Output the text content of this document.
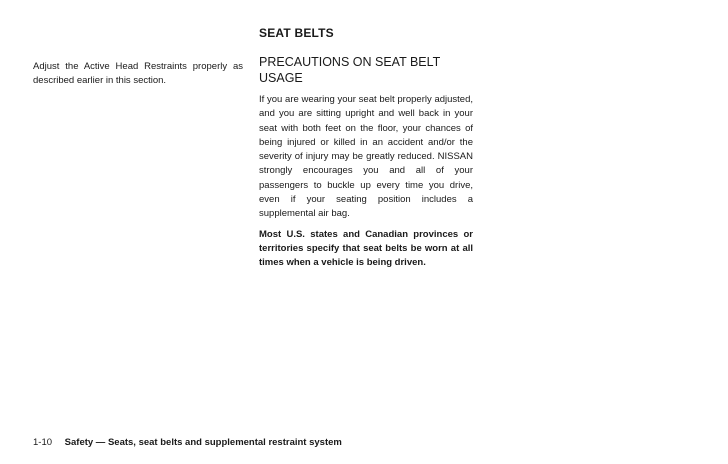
SEAT BELTS

Adjust the Active Head Restraints properly as described earlier in this section.

PRECAUTIONS ON SEAT BELT USAGE

If you are wearing your seat belt properly adjusted, and you are sitting upright and well back in your seat with both feet on the floor, your chances of being injured or killed in an accident and/or the severity of injury may be greatly reduced. NISSAN strongly encourages you and all of your passengers to buckle up every time you drive, even if your seating position includes a supplemental air bag.

Most U.S. states and Canadian provinces or territories specify that seat belts be worn at all times when a vehicle is being driven.

1-10 Safety — Seats, seat belts and supplemental restraint system
